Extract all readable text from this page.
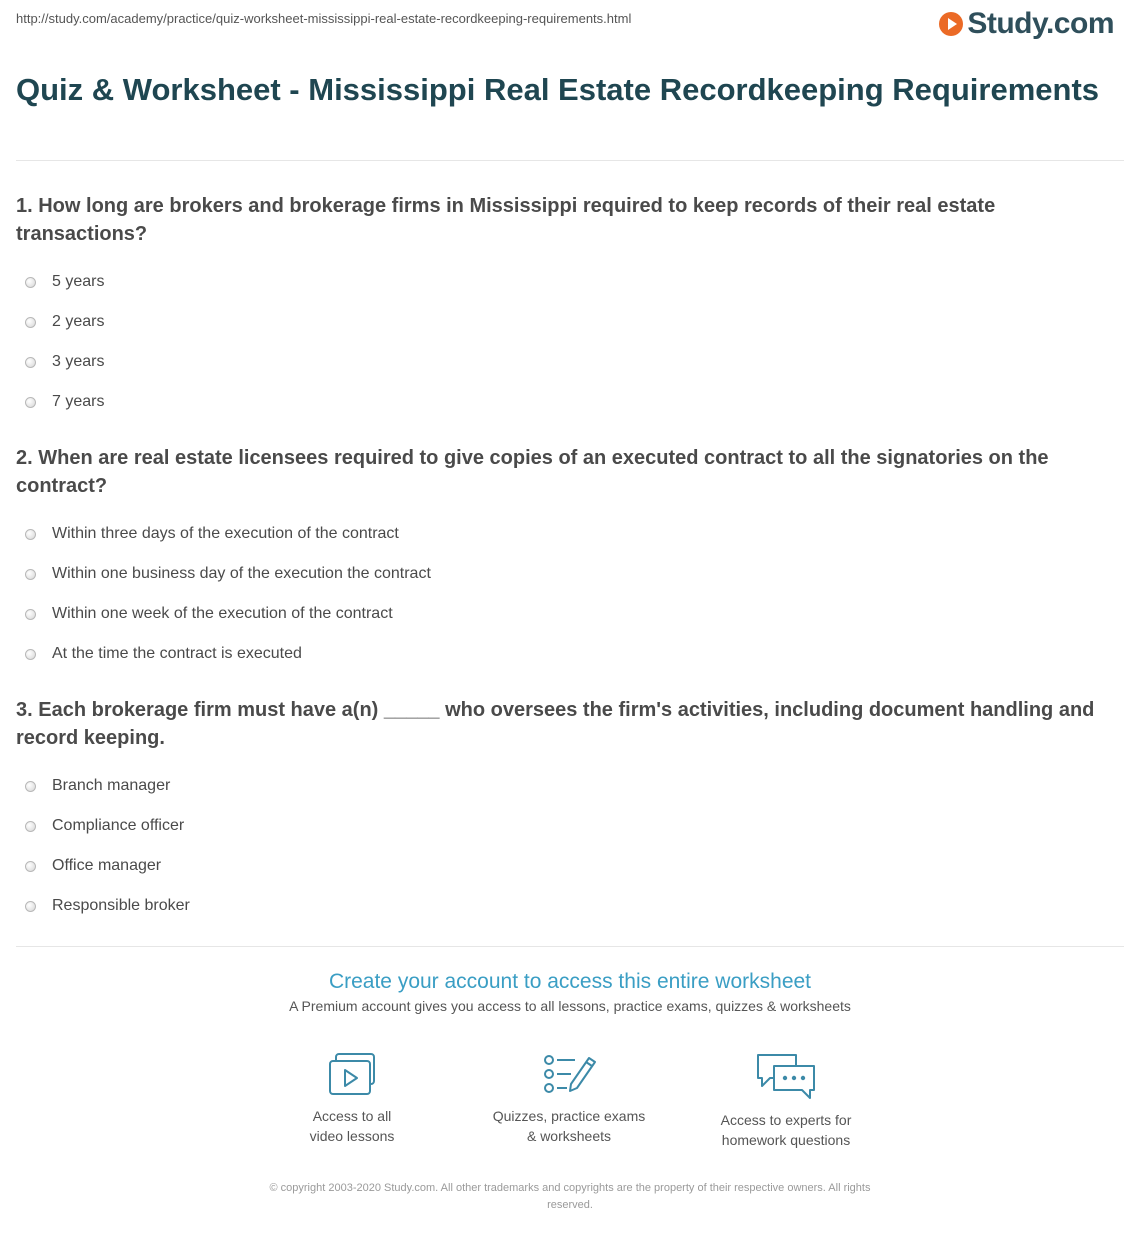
http://study.com/academy/practice/quiz-worksheet-mississippi-real-estate-recordkeeping-requirements.html	Study.com
Quiz & Worksheet - Mississippi Real Estate Recordkeeping Requirements

1. How long are brokers and brokerage firms in Mississippi required to keep records of their real estate transactions?

5 years
2 years
3 years
7 years

2. When are real estate licensees required to give copies of an executed contract to all the signatories on the contract?

Within three days of the execution of the contract
Within one business day of the execution the contract
Within one week of the execution of the contract
At the time the contract is executed

3. Each brokerage firm must have a(n) _____ who oversees the firm's activities, including document handling and record keeping.

Branch manager
Compliance officer
Office manager
Responsible broker
Create your account to access this entire worksheet

A Premium account gives you access to all lessons, practice exams, quizzes & worksheets

Access to all
video lessons
Quizzes, practice exams
& worksheets
Access to experts for
homework questions
© copyright 2003-2020 Study.com. All other trademarks and copyrights are the property of their respective owners. All rights
reserved.
